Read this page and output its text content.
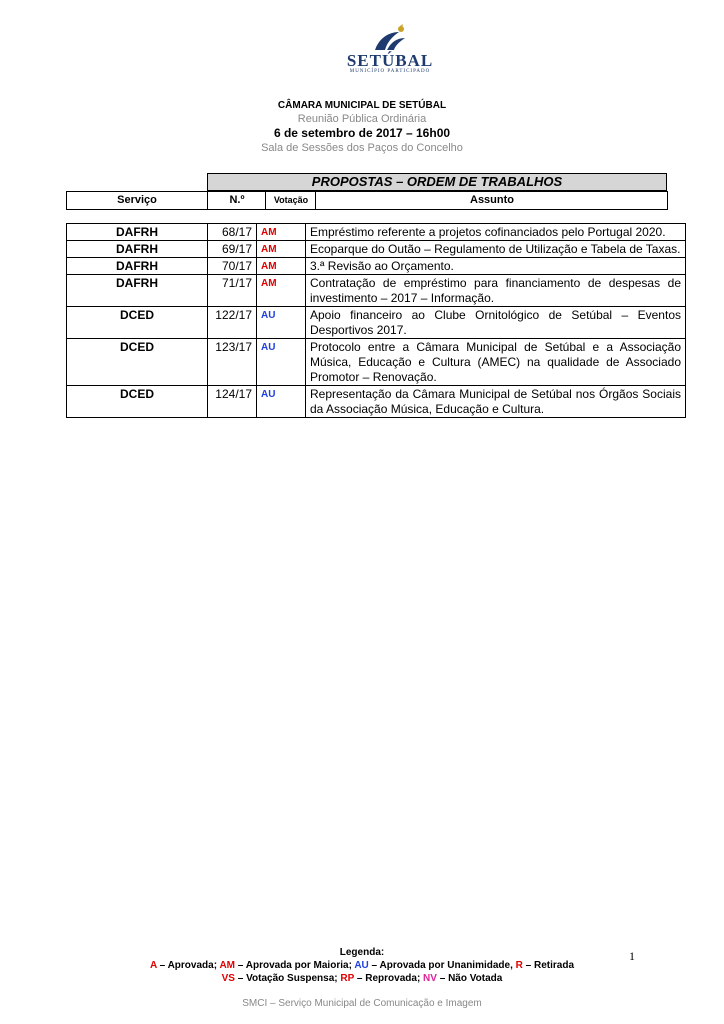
SETÚBAL
MUNICÍPIO PARTICIPADO
CÂMARA MUNICIPAL DE SETÚBAL
Reunião Pública Ordinária
6 de setembro de 2017 – 16h00
Sala de Sessões dos Paços do Concelho
PROPOSTAS – ORDEM DE TRABALHOS
Serviço	N.º	Votação	Assunto
DAFRH	68/17	AM	Empréstimo referente a projetos cofinanciados pelo Portugal 2020.
DAFRH	69/17	AM	Ecoparque do Outão – Regulamento de Utilização e Tabela de Taxas.
DAFRH	70/17	AM	3.ª Revisão ao Orçamento.
DAFRH	71/17	AM	Contratação de empréstimo para financiamento de despesas de investimento – 2017 – Informação.
DCED	122/17	AU	Apoio financeiro ao Clube Ornitológico de Setúbal – Eventos Desportivos 2017.
DCED	123/17	AU	Protocolo entre a Câmara Municipal de Setúbal e a Associação Música, Educação e Cultura (AMEC) na qualidade de Associado Promotor – Renovação.
DCED	124/17	AU	Representação da Câmara Municipal de Setúbal nos Órgãos Sociais da Associação Música, Educação e Cultura.
Legenda:
A – Aprovada; AM – Aprovada por Maioria; AU – Aprovada por Unanimidade, R – Retirada
VS – Votação Suspensa; RP – Reprovada; NV – Não Votada
1
SMCI – Serviço Municipal de Comunicação e Imagem
